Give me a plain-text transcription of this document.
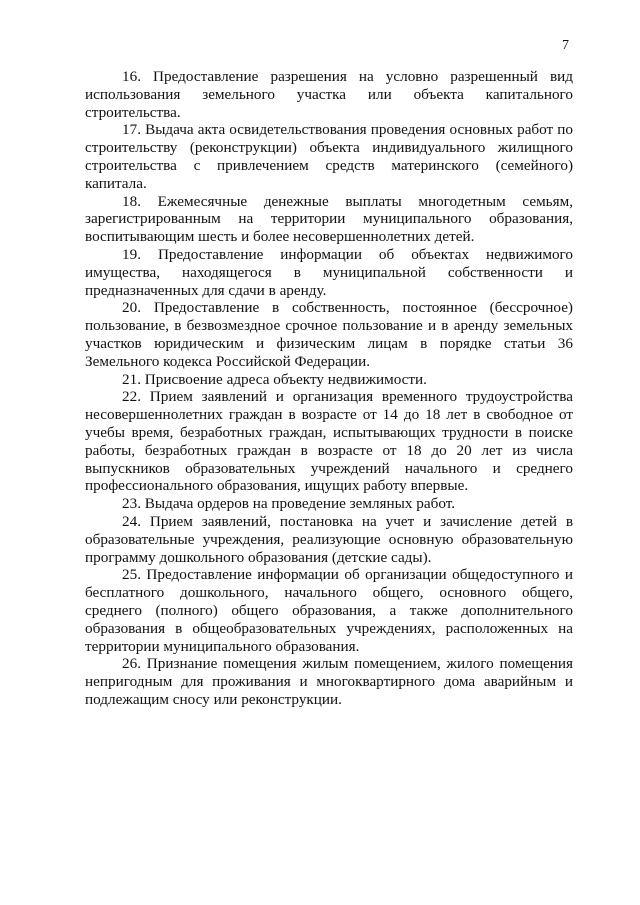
7

16. Предоставление разрешения на условно разрешенный вид использования земельного участка или объекта капитального строительства.

17. Выдача акта освидетельствования проведения основных работ по строительству (реконструкции) объекта индивидуального жилищного строительства с привлечением средств материнского (семейного) капитала.

18. Ежемесячные денежные выплаты многодетным семьям, зарегистрированным на территории муниципального образования, воспитывающим шесть и более несовершеннолетних детей.

19. Предоставление информации об объектах недвижимого имущества, находящегося в муниципальной собственности и предназначенных для сдачи в аренду.

20. Предоставление в собственность, постоянное (бессрочное) пользование, в безвозмездное срочное пользование и в аренду земельных участков юридическим и физическим лицам в порядке статьи 36 Земельного кодекса Российской Федерации.

21. Присвоение адреса объекту недвижимости.

22. Прием заявлений и организация временного трудоустройства несовершеннолетних граждан в возрасте от 14 до 18 лет в свободное от учебы время, безработных граждан, испытывающих трудности в поиске работы, безработных граждан в возрасте от 18 до 20 лет из числа выпускников образовательных учреждений начального и среднего профессионального образования, ищущих работу впервые.

23. Выдача ордеров на проведение земляных работ.

24. Прием заявлений, постановка на учет и зачисление детей в образовательные учреждения, реализующие основную образовательную программу дошкольного образования (детские сады).

25. Предоставление информации об организации общедоступного и бесплатного дошкольного, начального общего, основного общего, среднего (полного) общего образования, а также дополнительного образования в общеобразовательных учреждениях, расположенных на территории муниципального образования.

26. Признание помещения жилым помещением, жилого помещения непригодным для проживания и многоквартирного дома аварийным и подлежащим сносу или реконструкции.
